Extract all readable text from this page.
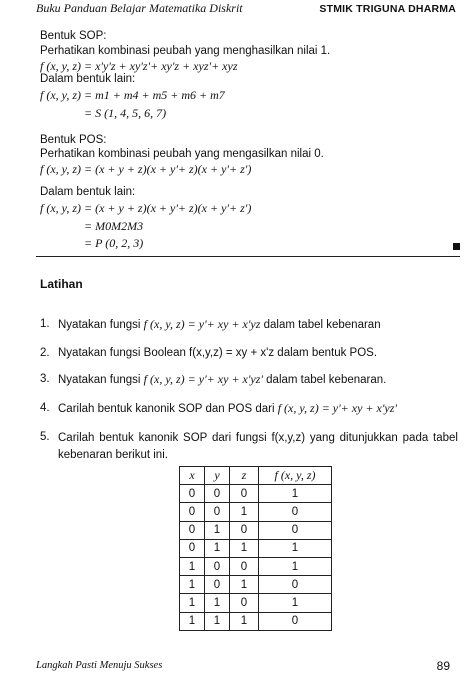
Buku Panduan Belajar Matematika Diskrit	STMIK TRIGUNA DHARMA
Bentuk SOP:
Perhatikan kombinasi peubah yang menghasilkan nilai 1.
f (x, y, z) = x'y'z + xy'z'+ xy'z + xyz'+ xyz
Dalam bentuk lain:
f (x, y, z) = m1 + m4 + m5 + m6 + m7
= S (1, 4, 5, 6, 7)
Bentuk POS:
Perhatikan kombinasi peubah yang mengasilkan nilai 0.
f (x, y, z) = (x + y + z)(x + y'+ z)(x + y'+ z')
Dalam bentuk lain:
f (x, y, z) = (x + y + z)(x + y'+ z)(x + y'+ z')
= M0M2M3
= P (0, 2, 3)
Latihan
1. Nyatakan fungsi f (x, y, z) = y'+ xy + x'yz dalam tabel kebenaran
2. Nyatakan fungsi Boolean f(x,y,z) = xy + x'z dalam bentuk POS.
3. Nyatakan fungsi f (x, y, z) = y'+ xy + x'yz' dalam tabel kebenaran.
4. Carilah bentuk kanonik SOP dan POS dari f (x, y, z) = y'+ xy + x'yz'
5. Carilah bentuk kanonik SOP dari fungsi f(x,y,z) yang ditunjukkan pada tabel kebenaran berikut ini.
x	y	z	f (x, y, z)
0	0	0	1
0	0	1	0
0	1	0	0
0	1	1	1
1	0	0	1
1	0	1	0
1	1	0	1
1	1	1	0
Langkah Pasti Menuju Sukses	89
